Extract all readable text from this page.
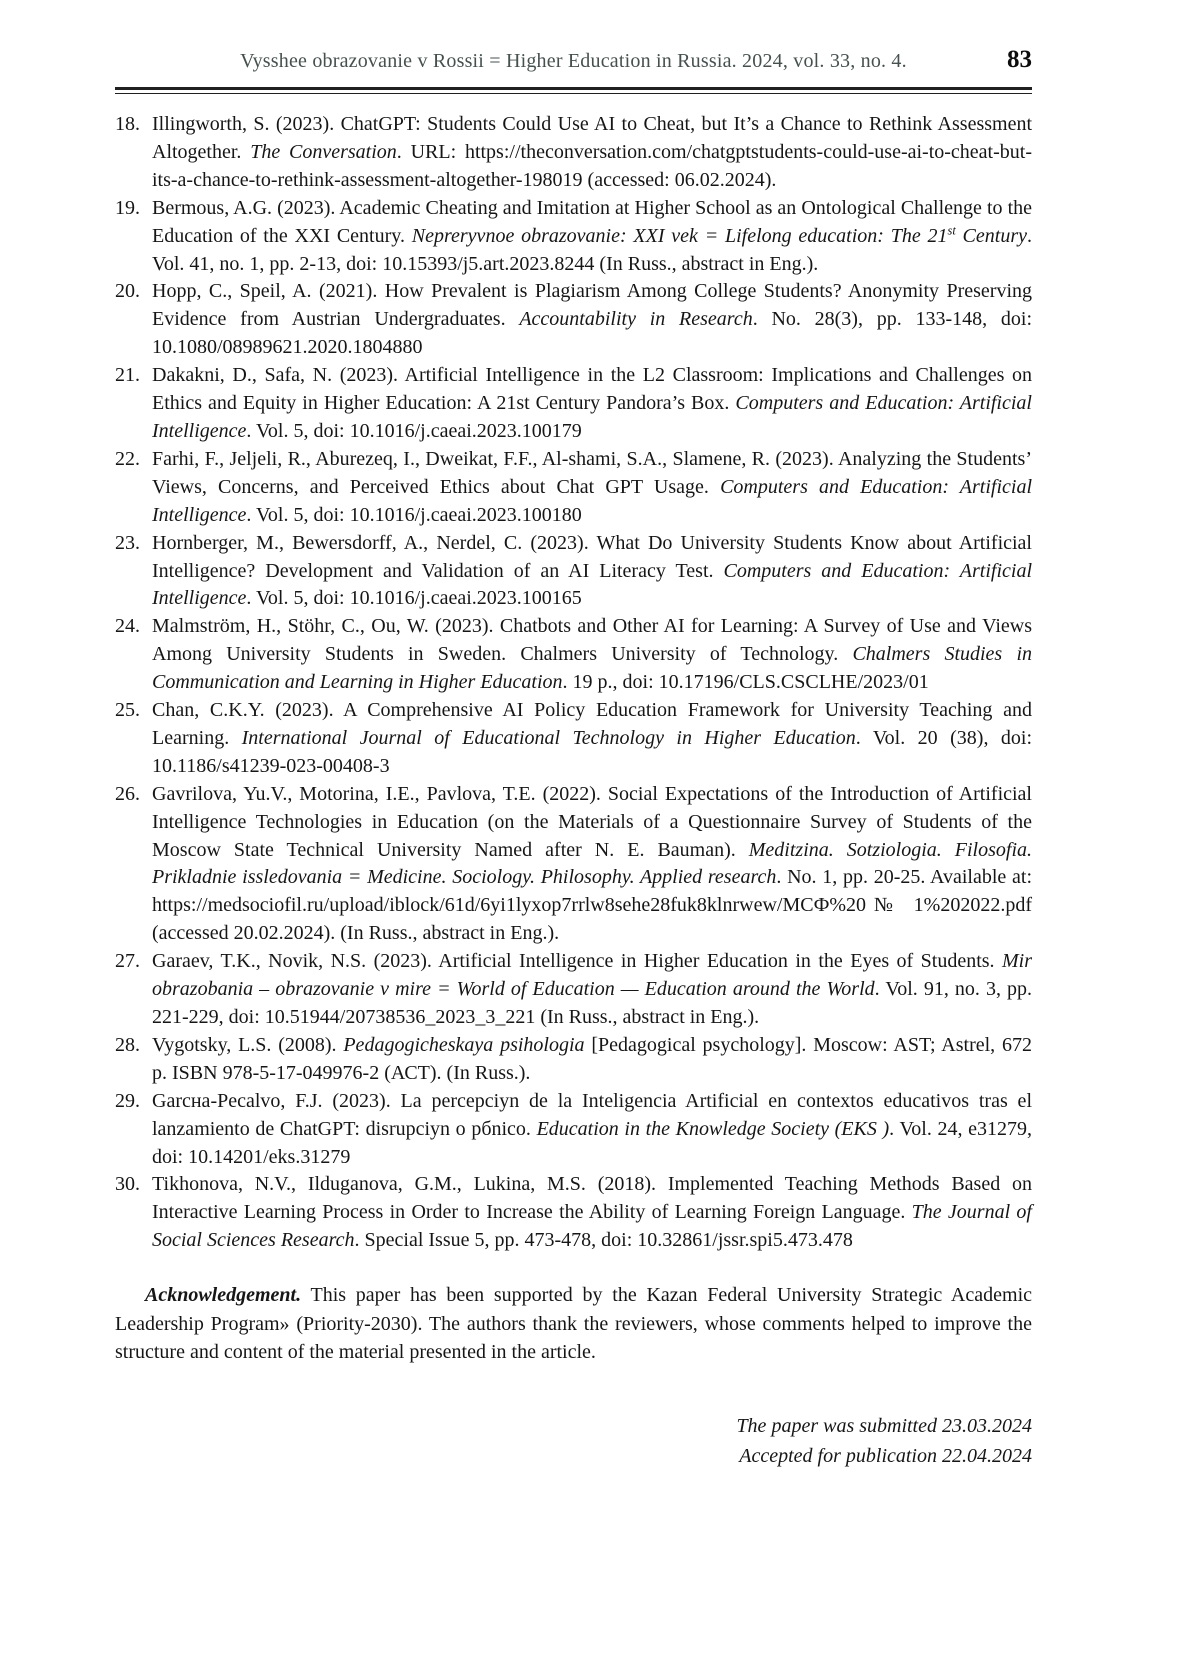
Vysshee obrazovanie v Rossii = Higher Education in Russia. 2024, vol. 33, no. 4.	83
18. Illingworth, S. (2023). ChatGPT: Students Could Use AI to Cheat, but It’s a Chance to Rethink Assessment Altogether. The Conversation. URL: https://theconversation.com/chatgptstudents-could-use-ai-to-cheat-but-its-a-chance-to-rethink-assessment-altogether-198019 (accessed: 06.02.2024).
19. Bermous, A.G. (2023). Academic Cheating and Imitation at Higher School as an Ontological Challenge to the Education of the XXI Century. Nepreryvnoe obrazovanie: XXI vek = Lifelong education: The 21st Century. Vol. 41, no. 1, pp. 2-13, doi: 10.15393/j5.art.2023.8244 (In Russ., abstract in Eng.).
20. Hopp, C., Speil, A. (2021). How Prevalent is Plagiarism Among College Students? Anonymity Preserving Evidence from Austrian Undergraduates. Accountability in Research. No. 28(3), pp. 133-148, doi: 10.1080/08989621.2020.1804880
21. Dakakni, D., Safa, N. (2023). Artificial Intelligence in the L2 Classroom: Implications and Challenges on Ethics and Equity in Higher Education: A 21st Century Pandora’s Box. Computers and Education: Artificial Intelligence. Vol. 5, doi: 10.1016/j.caeai.2023.100179
22. Farhi, F., Jeljeli, R., Aburezeq, I., Dweikat, F.F., Al-shami, S.A., Slamene, R. (2023). Analyzing the Students’ Views, Concerns, and Perceived Ethics about Chat GPT Usage. Computers and Education: Artificial Intelligence. Vol. 5, doi: 10.1016/j.caeai.2023.100180
23. Hornberger, M., Bewersdorff, A., Nerdel, C. (2023). What Do University Students Know about Artificial Intelligence? Development and Validation of an AI Literacy Test. Computers and Education: Artificial Intelligence. Vol. 5, doi: 10.1016/j.caeai.2023.100165
24. Malmström, H., Stöhr, C., Ou, W. (2023). Chatbots and Other AI for Learning: A Survey of Use and Views Among University Students in Sweden. Chalmers University of Technology. Chalmers Studies in Communication and Learning in Higher Education. 19 p., doi: 10.17196/CLS.CSCLHE/2023/01
25. Chan, C.K.Y. (2023). A Comprehensive AI Policy Education Framework for University Teaching and Learning. International Journal of Educational Technology in Higher Education. Vol. 20 (38), doi: 10.1186/s41239-023-00408-3
26. Gavrilova, Yu.V., Motorina, I.E., Pavlova, T.E. (2022). Social Expectations of the Introduction of Artificial Intelligence Technologies in Education (on the Materials of a Questionnaire Survey of Students of the Moscow State Technical University Named after N. E. Bauman). Meditzina. Sotziologia. Filosofia. Prikladnie issledovania = Medicine. Sociology. Philosophy. Applied research. No. 1, pp. 20-25. Available at: https://medsociofil.ru/upload/iblock/61d/6yi1lyxop7rrlw8sehe28fuk8klnrwew/МСФ%20№ 1%202022.pdf (accessed 20.02.2024). (In Russ., abstract in Eng.).
27. Garaev, T.K., Novik, N.S. (2023). Artificial Intelligence in Higher Education in the Eyes of Students. Mir obrazobania – obrazovanie v mire = World of Education — Education around the World. Vol. 91, no. 3, pp. 221-229, doi: 10.51944/20738536_2023_3_221 (In Russ., abstract in Eng.).
28. Vygotsky, L.S. (2008). Pedagogicheskaya psihologia [Pedagogical psychology]. Moscow: AST; Astrel, 672 p. ISBN 978-5-17-049976-2 (АСТ). (In Russ.).
29. Garcнa-Peсalvo, F.J. (2023). La percepciуn de la Inteligencia Artificial en contextos educativos tras el lanzamiento de ChatGPT: disrupciуn o pбnico. Education in the Knowledge Society (EKS ). Vol. 24, e31279, doi: 10.14201/eks.31279
30. Tikhonova, N.V., Ilduganova, G.M., Lukina, M.S. (2018). Implemented Teaching Methods Based on Interactive Learning Process in Order to Increase the Ability of Learning Foreign Language. The Journal of Social Sciences Research. Special Issue 5, pp. 473-478, doi: 10.32861/jssr.spi5.473.478

Acknowledgement. This paper has been supported by the Kazan Federal University Strategic Academic Leadership Program» (Priority-2030). The authors thank the reviewers, whose comments helped to improve the structure and content of the material presented in the article.

The paper was submitted 23.03.2024
Accepted for publication 22.04.2024
